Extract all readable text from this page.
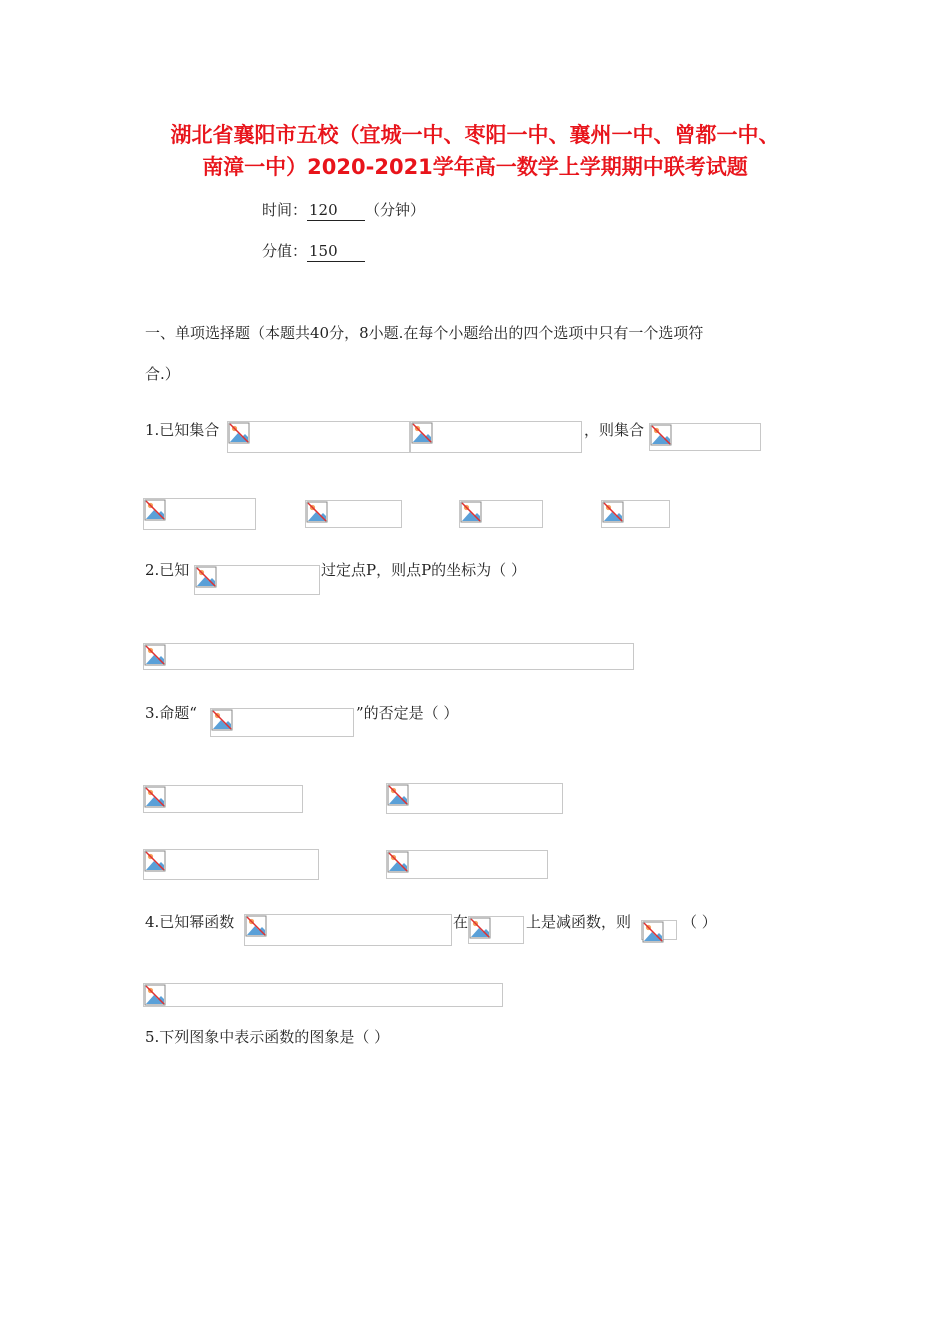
湖北省襄阳市五校（宜城一中、枣阳一中、襄州一中、曾都一中、
南漳一中）2020-2021学年高一数学上学期期中联考试题
时间： 120 （分钟）
分值： 150
一、单项选择题（本题共40分，8小题.在每个小题给出的四个选项中只有一个选项符
合.）
1.已知集合	，则集合
2.已知	过定点P，则点P的坐标为（ ）
3.命题“	”的否定是（ ）
4.已知幂函数	在	上是减函数，则	（ ）
5.下列图象中表示函数的图象是（ ）
